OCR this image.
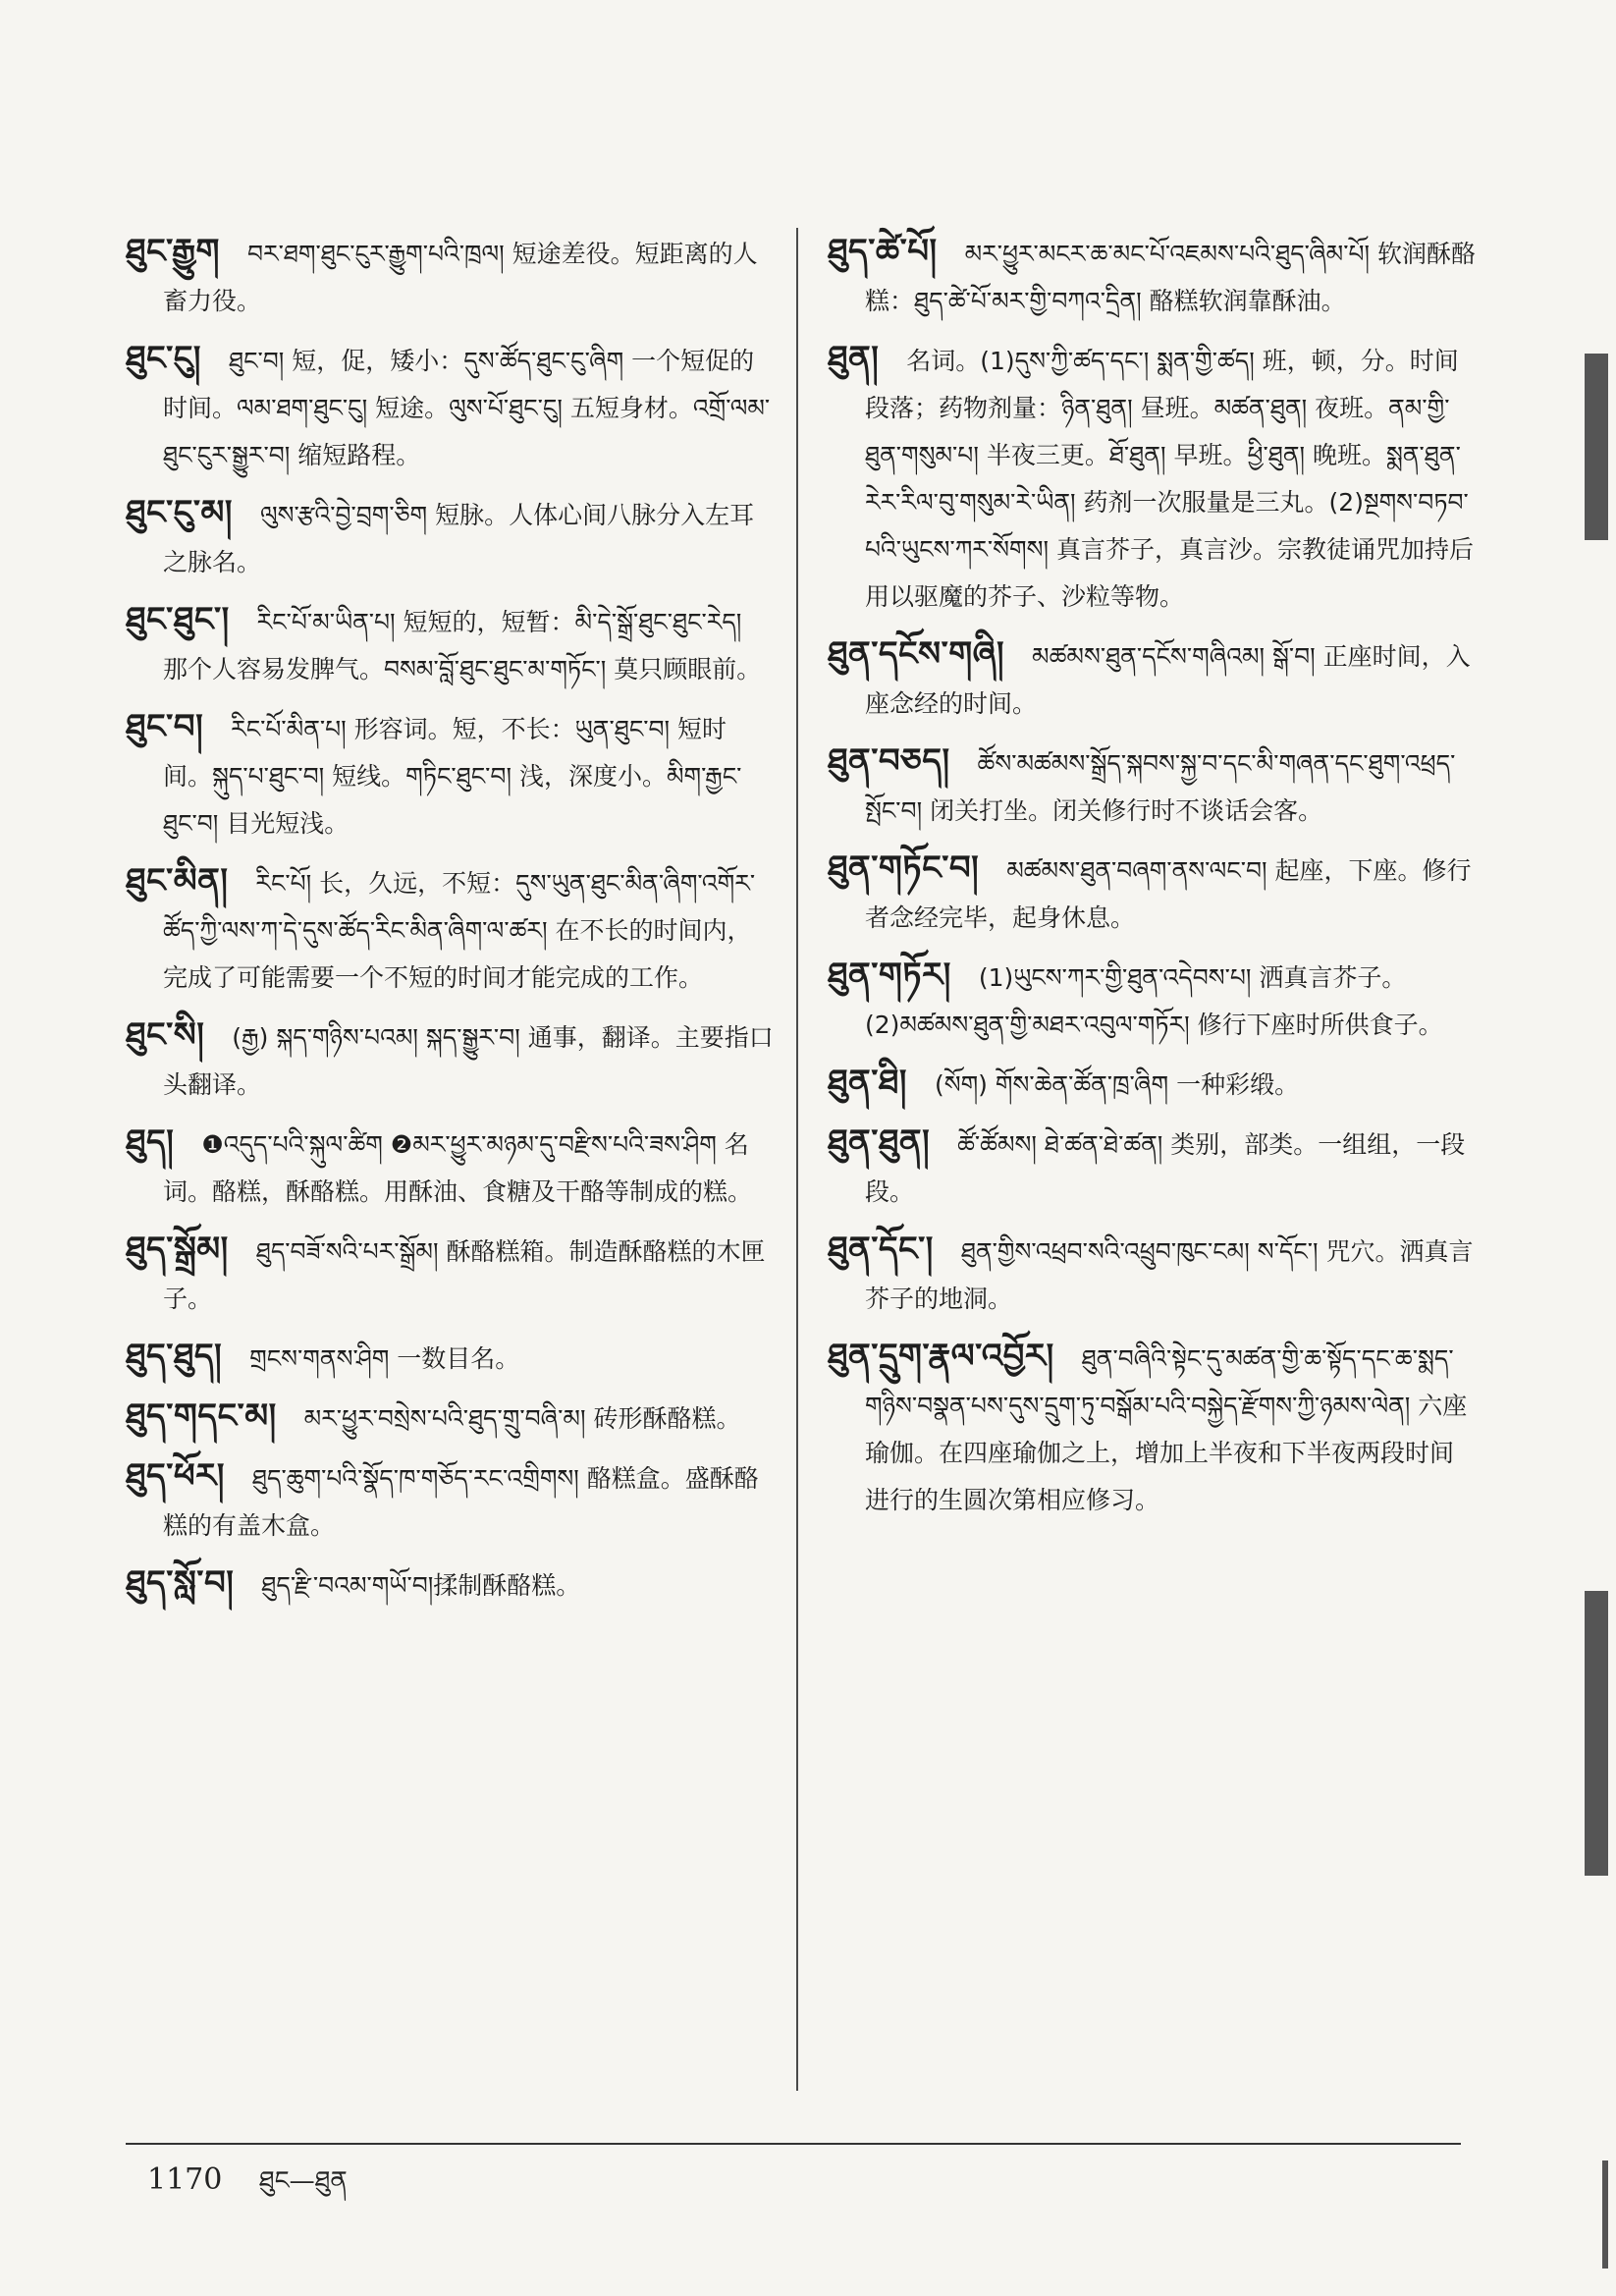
ཐུང་རྒྱུག བར་ཐག་ཐུང་ངུར་རྒྱུག་པའི་ཁྲལ། 短途差役。短距离的人畜力役。
ཐུང་ངུ། ཐུང་བ། 短，促，矮小：དུས་ཚོད་ཐུང་ངུ་ཞིག 一个短促的时间。ལམ་ཐག་ཐུང་ངུ། 短途。ལུས་པོ་ཐུང་ངུ། 五短身材。འགྲོ་ལམ་ཐུང་ངུར་སྒྱུར་བ། 缩短路程。
ཐུང་ངུ་མ། ལུས་རྩའི་བྱེ་བྲག་ཅིག 短脉。人体心间八脉分入左耳之脉名。
ཐུང་ཐུང་། རིང་པོ་མ་ཡིན་པ། 短短的，短暂：མི་དེ་སྒྲོ་ཐུང་ཐུང་རེད། 那个人容易发脾气。བསམ་བློ་ཐུང་ཐུང་མ་གཏོང་། 莫只顾眼前。
ཐུང་བ། རིང་པོ་མིན་པ། 形容词。短，不长：ཡུན་ཐུང་བ། 短时间。སྐུད་པ་ཐུང་བ། 短线。གཏིང་ཐུང་བ། 浅，深度小。མིག་རྒྱང་ཐུང་བ། 目光短浅。
ཐུང་མིན། རིང་པོ། 长，久远，不短：དུས་ཡུན་ཐུང་མིན་ཞིག་འགོར་ཚོད་ཀྱི་ལས་ཀ་དེ་དུས་ཚོད་རིང་མིན་ཞིག་ལ་ཚར། 在不长的时间内，完成了可能需要一个不短的时间才能完成的工作。
ཐུང་སི། (རྒྱ) སྐད་གཉིས་པའམ། སྐད་སྒྱུར་བ། 通事，翻译。主要指口头翻译。
ཐུད། ❶འདུད་པའི་སྐུལ་ཚིག ❷མར་ཕྱུར་མཉམ་དུ་བརྫིས་པའི་ཟས་ཤིག 名词。酪糕，酥酪糕。用酥油、食糖及干酪等制成的糕。
ཐུད་སྒྲོམ། ཐུད་བཟོ་སའི་པར་སྒྲོམ། 酥酪糕箱。制造酥酪糕的木匣子。
ཐུད་ཐུད། གྲངས་གནས་ཤིག 一数目名。
ཐུད་གདང་མ། མར་ཕྱུར་བསྲེས་པའི་ཐུད་གྲུ་བཞི་མ། 砖形酥酪糕。
ཐུད་ཕོར། ཐུད་ཆུག་པའི་སྣོད་ཁ་གཅོད་རང་འགྲིགས། 酪糕盒。盛酥酪糕的有盖木盒。
ཐུད་སློ་བ། ཐུད་རྫི་བའམ་གཡོ་བ།揉制酥酪糕。
ཐུད་ཚེ་པོ། མར་ཕྱུར་མངར་ཆ་མང་པོ་འཇམས་པའི་ཐུད་ཞིམ་པོ། 软润酥酪糕：ཐུད་ཚེ་པོ་མར་གྱི་བཀའ་དྲིན། 酪糕软润靠酥油。
ཐུན། 名词。(1)དུས་ཀྱི་ཚད་དང་། སྨན་གྱི་ཚད། 班，顿，分。时间段落；药物剂量：ཉིན་ཐུན། 昼班。མཚན་ཐུན། 夜班。ནམ་གྱི་ཐུན་གསུམ་པ། 半夜三更。ཐོ་ཐུན། 早班。ཕྱི་ཐུན། 晚班。སྨན་ཐུན་རེར་རིལ་བུ་གསུམ་རེ་ཡིན། 药剂一次服量是三丸。(2)སྔགས་བཏབ་པའི་ཡུངས་ཀར་སོགས། 真言芥子，真言沙。宗教徒诵咒加持后用以驱魔的芥子、沙粒等物。
ཐུན་དངོས་གཞི། མཚམས་ཐུན་དངོས་གཞིའམ། སྒོ་བ། 正座时间，入座念经的时间。
ཐུན་བཅད། ཚོས་མཚམས་སྒྲོད་སྐབས་སྐྱ་བ་དང་མི་གཞན་དང་ཐུག་འཕྲད་སྤོང་བ། 闭关打坐。闭关修行时不谈话会客。
ཐུན་གཏོང་བ། མཚམས་ཐུན་བཞག་ནས་ལང་བ། 起座，下座。修行者念经完毕，起身休息。
ཐུན་གཏོར། (1)ཡུངས་ཀར་གྱི་ཐུན་འདེབས་པ། 洒真言芥子。(2)མཚམས་ཐུན་གྱི་མཐར་འབུལ་གཏོར། 修行下座时所供食子。
ཐུན་ཐི། (སོག) གོས་ཆེན་ཚོན་ཁྲ་ཞིག 一种彩缎。
ཐུན་ཐུན། ཚོ་ཚོམས། ཐེ་ཚན་ཐེ་ཚན། 类别，部类。一组组，一段段。
ཐུན་དོང་། ཐུན་གྱིས་འཕྲབ་སའི་འཕྲུབ་ཁུང་ངམ། ས་དོང་། 咒穴。洒真言芥子的地洞。
ཐུན་དྲུག་རྣལ་འབྱོར། ཐུན་བཞིའི་སྟེང་དུ་མཚན་གྱི་ཆ་སྟོད་དང་ཆ་སྨད་གཉིས་བསྣན་པས་དུས་དྲུག་ཏུ་བསྒོམ་པའི་བསྐྱེད་རྫོགས་ཀྱི་ཉམས་ལེན། 六座瑜伽。在四座瑜伽之上，增加上半夜和下半夜两段时间进行的生圆次第相应修习。
1170 ཐུང—ཐུན
